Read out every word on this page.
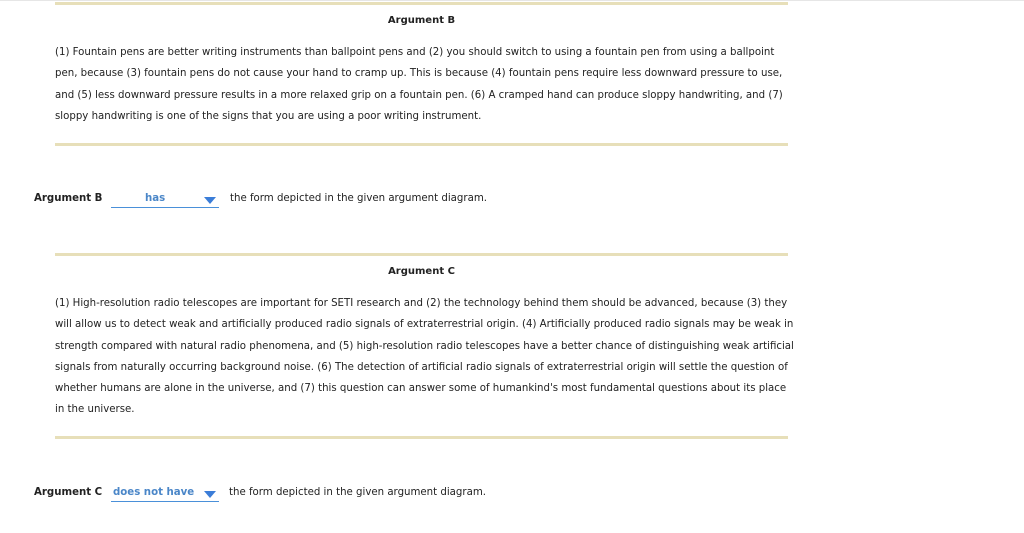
Argument B
(1) Fountain pens are better writing instruments than ballpoint pens and (2) you should switch to using a fountain pen from using a ballpoint pen, because (3) fountain pens do not cause your hand to cramp up. This is because (4) fountain pens require less downward pressure to use, and (5) less downward pressure results in a more relaxed grip on a fountain pen. (6) A cramped hand can produce sloppy handwriting, and (7) sloppy handwriting is one of the signs that you are using a poor writing instrument.
Argument B	has	the form depicted in the given argument diagram.
Argument C
(1) High-resolution radio telescopes are important for SETI research and (2) the technology behind them should be advanced, because (3) they will allow us to detect weak and artificially produced radio signals of extraterrestrial origin. (4) Artificially produced radio signals may be weak in strength compared with natural radio phenomena, and (5) high-resolution radio telescopes have a better chance of distinguishing weak artificial signals from naturally occurring background noise. (6) The detection of artificial radio signals of extraterrestrial origin will settle the question of whether humans are alone in the universe, and (7) this question can answer some of humankind's most fundamental questions about its place in the universe.
Argument C does not have	the form depicted in the given argument diagram.
